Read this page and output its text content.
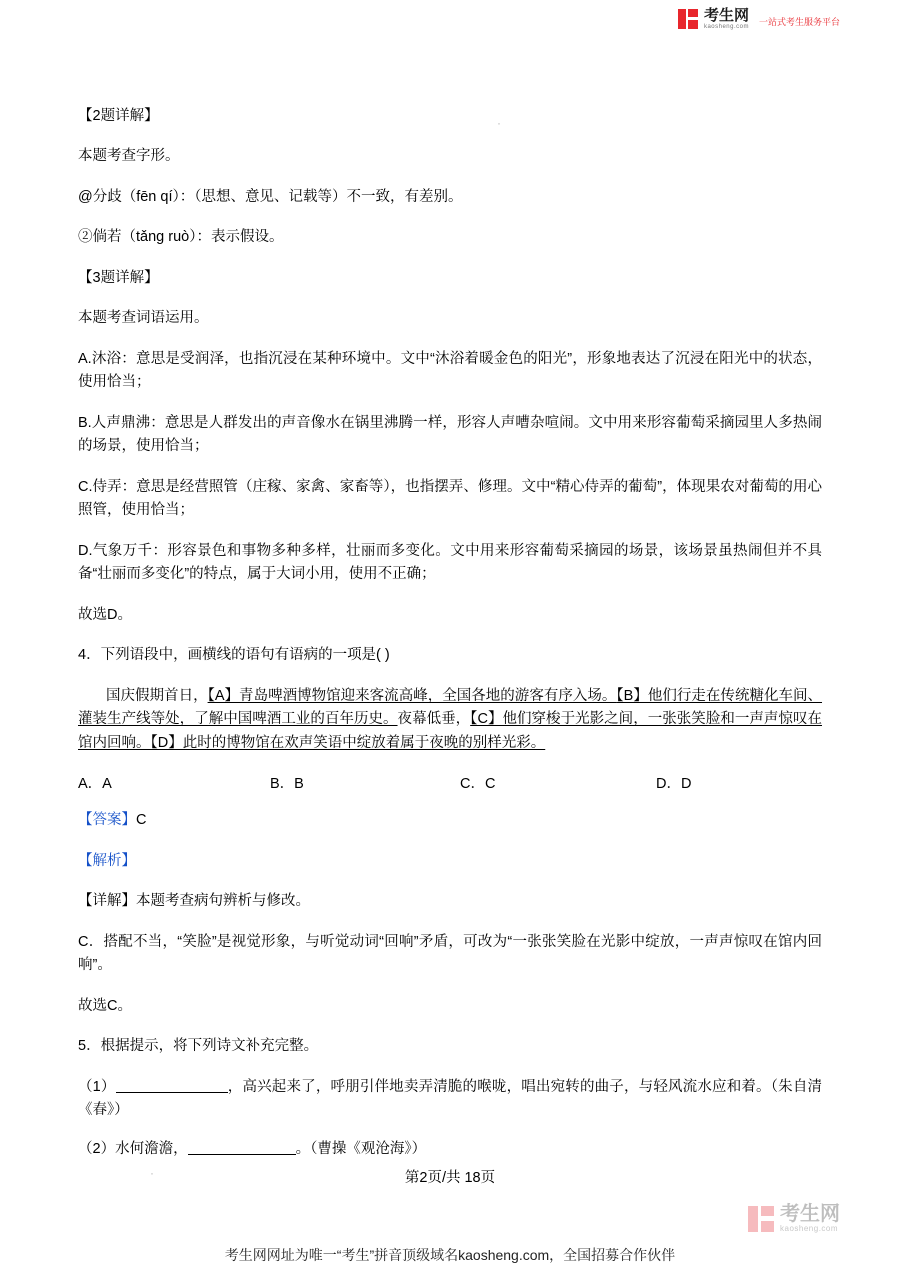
考生网
kaosheng.com 一站式考生服务平台
·
·

【2题详解】

本题考查字形。

@分歧（fēn qí）：（思想、意见、记载等）不一致，有差别。

②倘若（tǎng ruò）：表示假设。

【3题详解】

本题考查词语运用。

A.沐浴：意思是受润泽，也指沉浸在某种环境中。文中“沐浴着暖金色的阳光”，形象地表达了沉浸在阳光中的状态，使用恰当；

B.人声鼎沸：意思是人群发出的声音像水在锅里沸腾一样，形容人声嘈杂喧闹。文中用来形容葡萄采摘园里人多热闹的场景，使用恰当；

C.侍弄：意思是经营照管（庄稼、家禽、家畜等），也指摆弄、修理。文中“精心侍弄的葡萄”，体现果农对葡萄的用心照管，使用恰当；

D.气象万千：形容景色和事物多种多样，壮丽而多变化。文中用来形容葡萄采摘园的场景，该场景虽热闹但并不具备“壮丽而多变化”的特点，属于大词小用，使用不正确；

故选D。

4．下列语段中，画横线的语句有语病的一项是( )

国庆假期首日，【A】青岛啤酒博物馆迎来客流高峰，全国各地的游客有序入场。【B】他们行走在传统糖化车间、灌装生产线等处，了解中国啤酒工业的百年历史。夜幕低垂，【C】他们穿梭于光影之间，一张张笑脸和一声声惊叹在馆内回响。【D】此时的博物馆在欢声笑语中绽放着属于夜晚的别样光彩。

A．A	B．B	C．C	D．D

【答案】C

【解析】

【详解】本题考查病句辨析与修改。

C．搭配不当，“笑脸”是视觉形象，与听觉动词“回响”矛盾，可改为“一张张笑脸在光影中绽放，一声声惊叹在馆内回响”。

故选C。

5．根据提示，将下列诗文补充完整。

（1）	，高兴起来了，呼朋引伴地卖弄清脆的喉咙，唱出宛转的曲子，与轻风流水应和着。（朱自清《春》）

（2）水何澹澹，	。（曹操《观沧海》）

第2页/共 18页
考生网
kaosheng.com
考生网网址为唯一“考生”拼音顶级域名kaosheng.com，全国招募合作伙伴
